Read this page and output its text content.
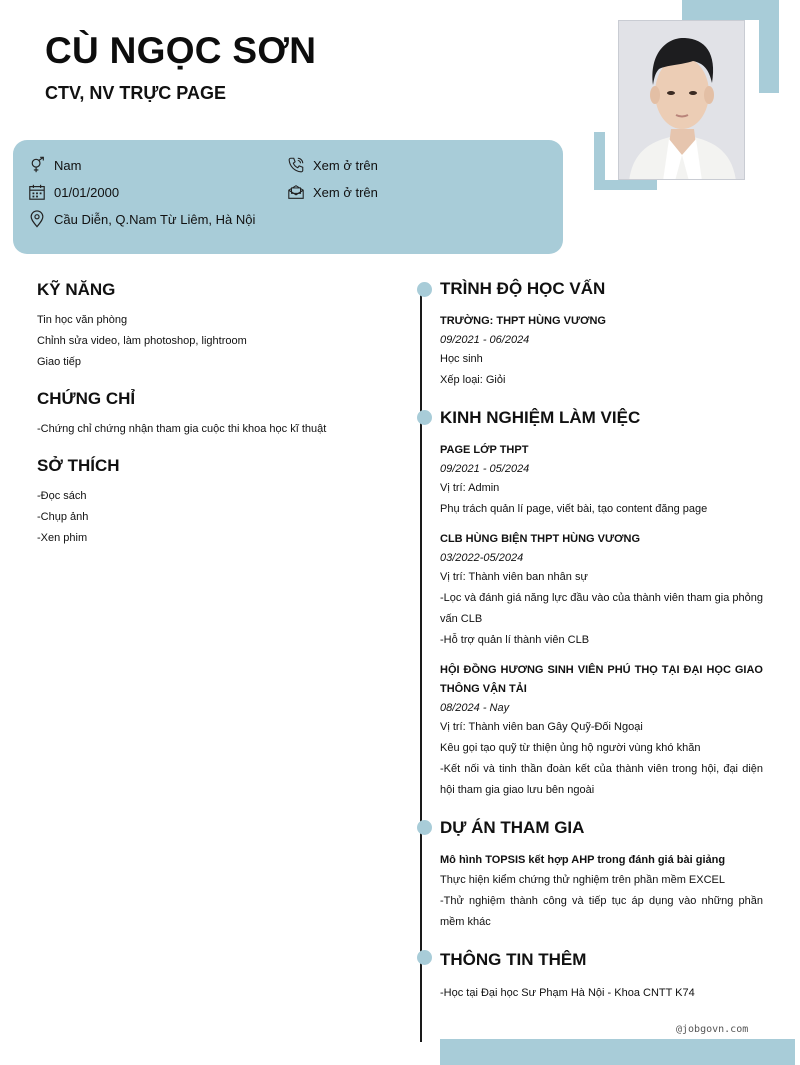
CÙ NGỌC SƠN
CTV, NV TRỰC PAGE
Nam
01/01/2000
Cầu Diễn, Q.Nam Từ Liêm, Hà Nội
Xem ở trên
Xem ở trên
KỸ NĂNG
Tin học văn phòng
Chỉnh sửa video, làm photoshop, lightroom
Giao tiếp
CHỨNG CHỈ
-Chứng chỉ chứng nhận tham gia cuộc thi khoa học kĩ thuật
SỞ THÍCH
-Đọc sách
-Chụp ảnh
-Xen phim
TRÌNH ĐỘ HỌC VẤN
TRƯỜNG: THPT HÙNG VƯƠNG
09/2021 - 06/2024
Học sinh
Xếp loại: Giỏi
KINH NGHIỆM LÀM VIỆC
PAGE LỚP THPT
09/2021 - 05/2024
Vị trí: Admin
Phụ trách quản lí page, viết bài, tạo content đăng page
CLB HÙNG BIỆN THPT HÙNG VƯƠNG
03/2022-05/2024
Vị trí: Thành viên ban nhân sự
-Lọc và đánh giá năng lực đầu vào của thành viên tham gia phỏng vấn CLB
-Hỗ trợ quản lí thành viên CLB
HỘI ĐỒNG HƯƠNG SINH VIÊN PHÚ THỌ TẠI ĐẠI HỌC GIAO THÔNG VẬN TẢI
08/2024 - Nay
Vị trí: Thành viên ban Gây Quỹ-Đối Ngoại
Kêu gọi tạo quỹ từ thiện ủng hộ người vùng khó khăn
-Kết nối và tinh thần đoàn kết của thành viên trong hội, đại diện hội tham gia giao lưu bên ngoài
DỰ ÁN THAM GIA
Mô hình TOPSIS kết hợp AHP trong đánh giá bài giảng
Thực hiện kiểm chứng thử nghiệm trên phần mềm EXCEL
-Thử nghiệm thành công và tiếp tục áp dụng vào những phần mềm khác
THÔNG TIN THÊM
-Học tại Đại học Sư Phạm Hà Nội - Khoa CNTT K74
@jobgovn.com
